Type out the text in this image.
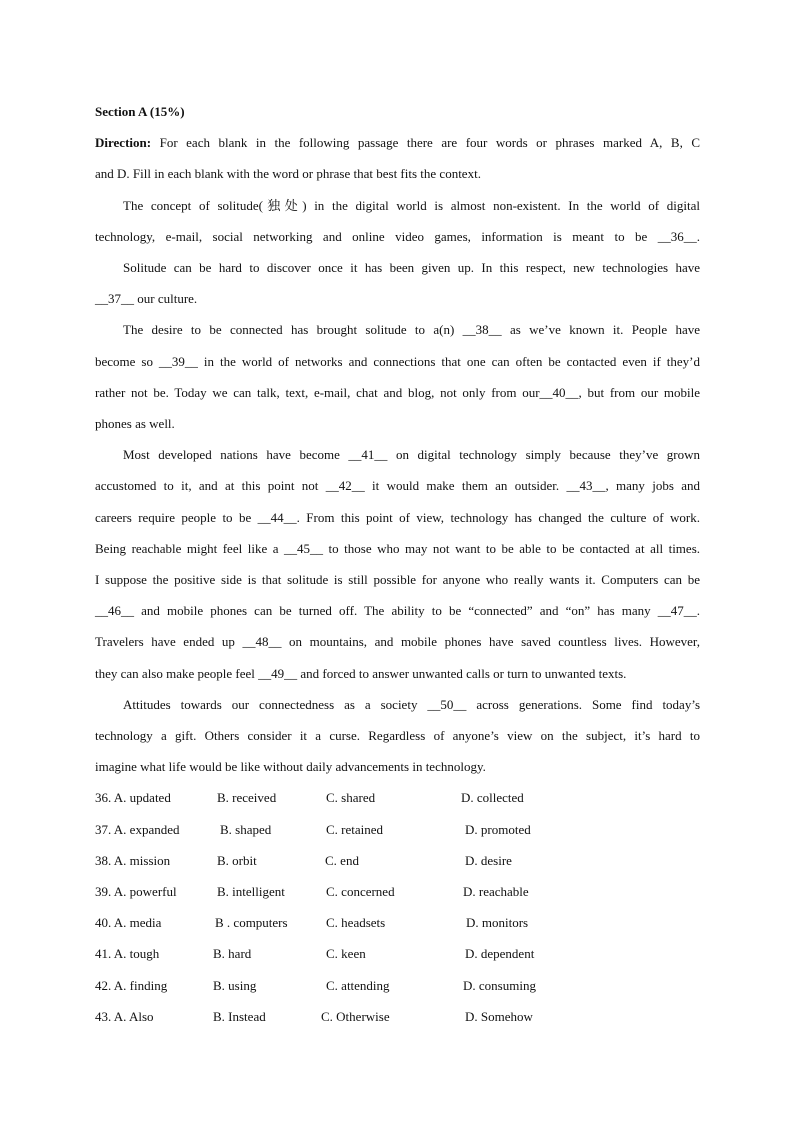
Section A (15%)

Direction: For each blank in the following passage there are four words or phrases marked A, B, C

and D. Fill in each blank with the word or phrase that best fits the context.

The concept of solitude(独处) in the digital world is almost non-existent. In the world of digital

technology, e-mail, social networking and online video games, information is meant to be __36__.

Solitude can be hard to discover once it has been given up. In this respect, new technologies have

__37__ our culture.

The desire to be connected has brought solitude to a(n) __38__ as we’ve known it. People have

become so __39__ in the world of networks and connections that one can often be contacted even if they’d

rather not be. Today we can talk, text, e-mail, chat and blog, not only from our__40__, but from our mobile

phones as well.

Most developed nations have become __41__ on digital technology simply because they’ve grown

accustomed to it, and at this point not __42__ it would make them an outsider. __43__, many jobs and

careers require people to be __44__. From this point of view, technology has changed the culture of work.

Being reachable might feel like a __45__ to those who may not want to be able to be contacted at all times.

I suppose the positive side is that solitude is still possible for anyone who really wants it. Computers can be

__46__ and mobile phones can be turned off. The ability to be “connected” and “on” has many __47__.

Travelers have ended up __48__ on mountains, and mobile phones have saved countless lives. However,

they can also make people feel __49__ and forced to answer unwanted calls or turn to unwanted texts.

Attitudes towards our connectedness as a society __50__ across generations. Some find today’s

technology a gift. Others consider it a curse. Regardless of anyone’s view on the subject, it’s hard to

imagine what life would be like without daily advancements in technology.

36. A. updated	B. received	C. shared	D. collected
37. A. expanded	B. shaped	C. retained	D. promoted
38. A. mission	B. orbit	C. end	D. desire
39. A. powerful	B. intelligent	C. concerned	D. reachable
40. A. media	B . computers	C. headsets	D. monitors
41. A. tough	B. hard	C. keen	D. dependent
42. A. finding	B. using	C. attending	D. consuming
43. A. Also	B. Instead	C. Otherwise	D. Somehow
